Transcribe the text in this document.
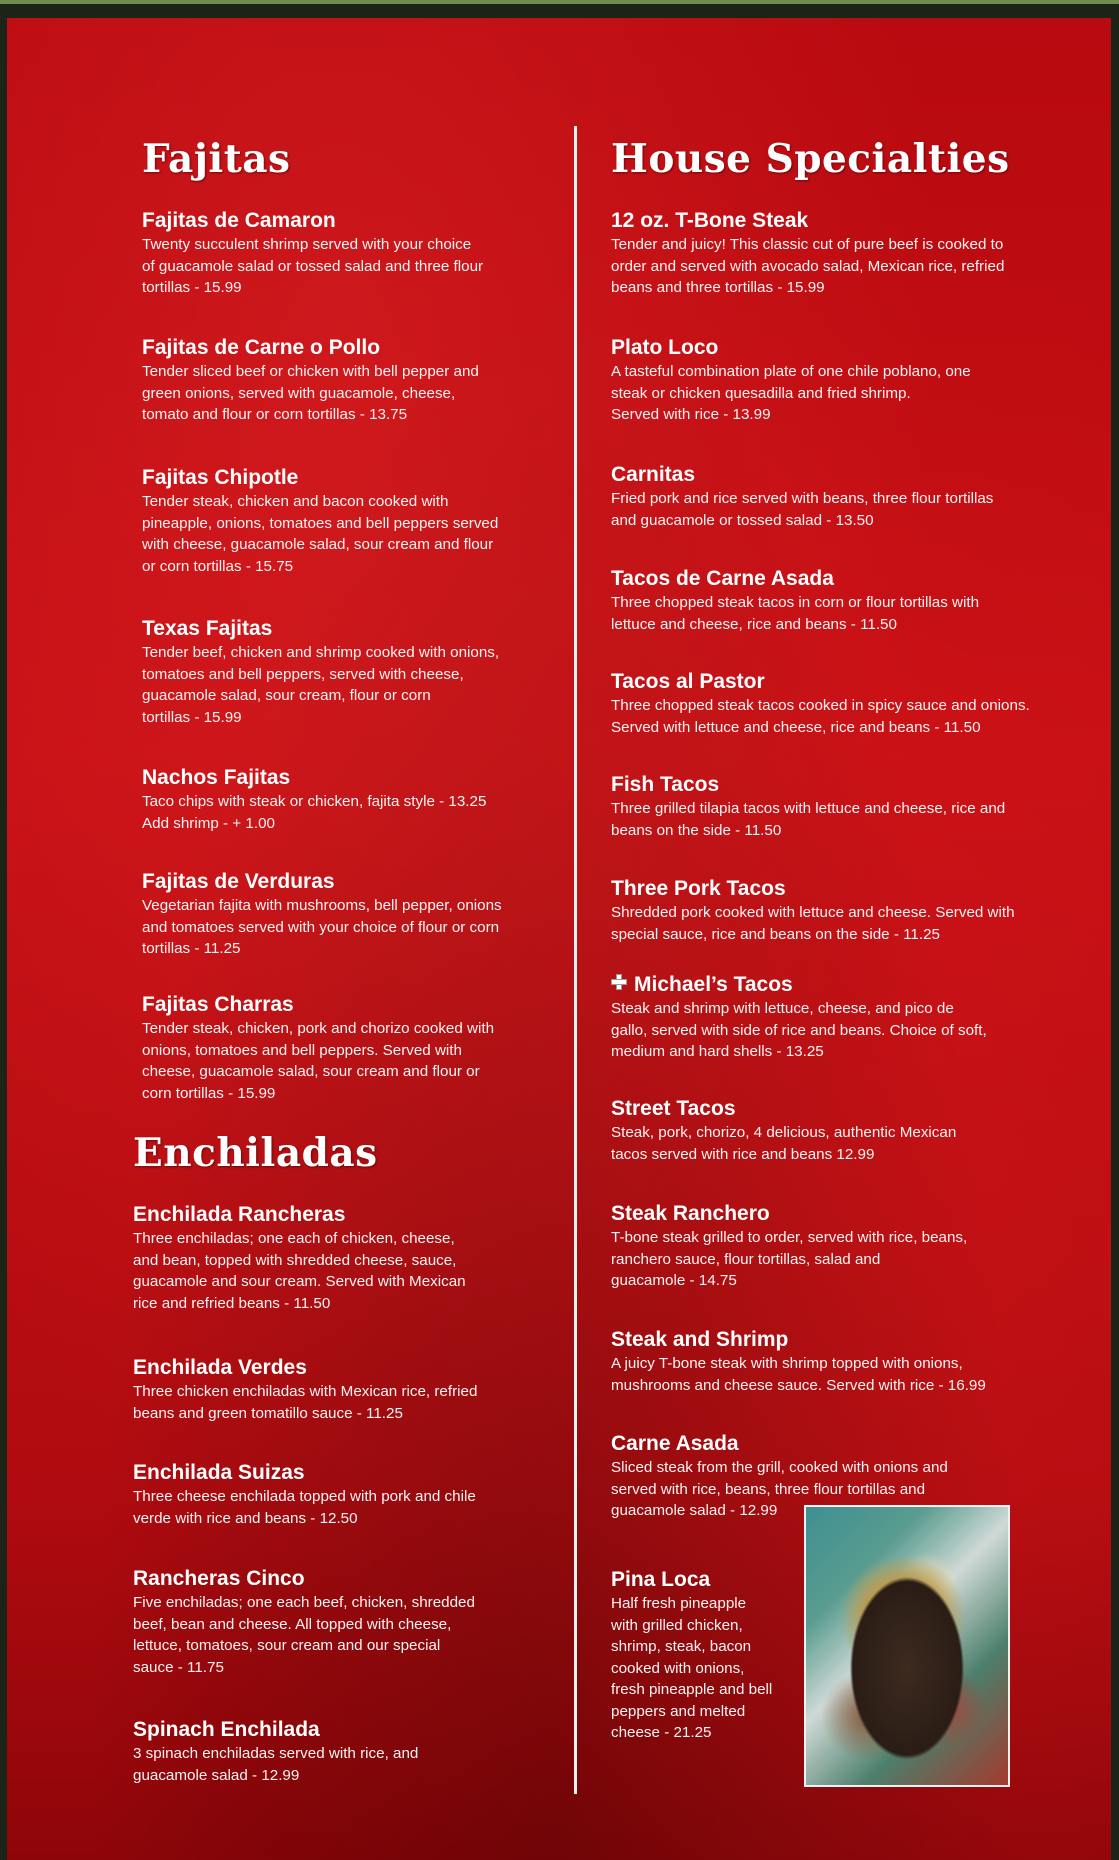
Fajitas
Fajitas de Camaron
Twenty succulent shrimp served with your choice
of guacamole salad or tossed salad and three flour
tortillas - 15.99
Fajitas de Carne o Pollo
Tender sliced beef or chicken with bell pepper and
green onions, served with guacamole, cheese,
tomato and flour or corn tortillas - 13.75
Fajitas Chipotle
Tender steak, chicken and bacon cooked with
pineapple, onions, tomatoes and bell peppers served
with cheese, guacamole salad, sour cream and flour
or corn tortillas - 15.75
Texas Fajitas
Tender beef, chicken and shrimp cooked with onions,
tomatoes and bell peppers, served with cheese,
guacamole salad, sour cream, flour or corn
tortillas - 15.99
Nachos Fajitas
Taco chips with steak or chicken, fajita style - 13.25
Add shrimp - + 1.00
Fajitas de Verduras
Vegetarian fajita with mushrooms, bell pepper, onions
and tomatoes served with your choice of flour or corn
tortillas - 11.25
Fajitas Charras
Tender steak, chicken, pork and chorizo cooked with
onions, tomatoes and bell peppers. Served with
cheese, guacamole salad, sour cream and flour or
corn tortillas - 15.99
Enchiladas
Enchilada Rancheras
Three enchiladas; one each of chicken, cheese,
and bean, topped with shredded cheese, sauce,
guacamole and sour cream. Served with Mexican
rice and refried beans - 11.50
Enchilada Verdes
Three chicken enchiladas with Mexican rice, refried
beans and green tomatillo sauce - 11.25
Enchilada Suizas
Three cheese enchilada topped with pork and chile
verde with rice and beans - 12.50
Rancheras Cinco
Five enchiladas; one each beef, chicken, shredded
beef, bean and cheese. All topped with cheese,
lettuce, tomatoes, sour cream and our special
sauce - 11.75
Spinach Enchilada
3 spinach enchiladas served with rice, and
guacamole salad - 12.99
House Specialties
12 oz. T-Bone Steak
Tender and juicy! This classic cut of pure beef is cooked to
order and served with avocado salad, Mexican rice, refried
beans and three tortillas - 15.99
Plato Loco
A tasteful combination plate of one chile poblano, one
steak or chicken quesadilla and fried shrimp.
Served with rice - 13.99
Carnitas
Fried pork and rice served with beans, three flour tortillas
and guacamole or tossed salad - 13.50
Tacos de Carne Asada
Three chopped steak tacos in corn or flour tortillas with
lettuce and cheese, rice and beans - 11.50
Tacos al Pastor
Three chopped steak tacos cooked in spicy sauce and onions.
Served with lettuce and cheese, rice and beans - 11.50
Fish Tacos
Three grilled tilapia tacos with lettuce and cheese, rice and
beans on the side - 11.50
Three Pork Tacos
Shredded pork cooked with lettuce and cheese. Served with
special sauce, rice and beans on the side - 11.25
Michael’s Tacos
Steak and shrimp with lettuce, cheese, and pico de
gallo, served with side of rice and beans. Choice of soft,
medium and hard shells - 13.25
Street Tacos
Steak, pork, chorizo, 4 delicious, authentic Mexican
tacos served with rice and beans 12.99
Steak Ranchero
T-bone steak grilled to order, served with rice, beans,
ranchero sauce, flour tortillas, salad and
guacamole - 14.75
Steak and Shrimp
A juicy T-bone steak with shrimp topped with onions,
mushrooms and cheese sauce. Served with rice - 16.99
Carne Asada
Sliced steak from the grill, cooked with onions and
served with rice, beans, three flour tortillas and
guacamole salad - 12.99
Pina Loca
Half fresh pineapple
with grilled chicken,
shrimp, steak, bacon
cooked with onions,
fresh pineapple and bell
peppers and melted
cheese - 21.25
